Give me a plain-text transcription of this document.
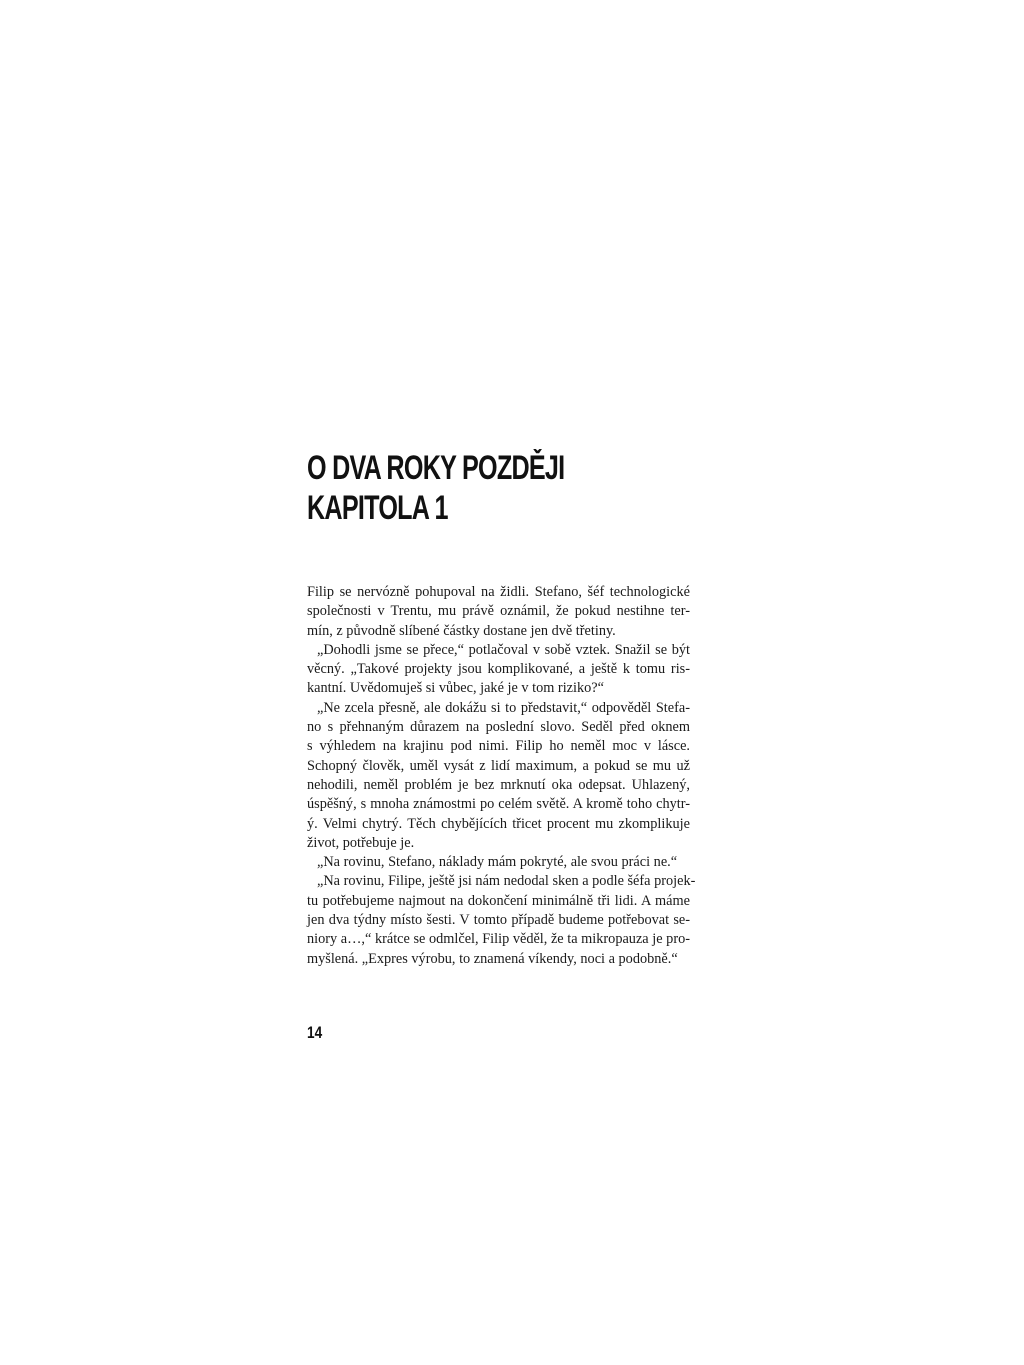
O DVA ROKY POZDĚJI
KAPITOLA 1
Filip se nervózně pohupoval na židli. Stefano, šéf technologické
společnosti v Trentu, mu právě oznámil, že pokud nestihne ter-
mín, z původně slíbené částky dostane jen dvě třetiny.
„Dohodli jsme se přece,“ potlačoval v sobě vztek. Snažil se být
věcný. „Takové projekty jsou komplikované, a ještě k tomu ris-
kantní. Uvědomuješ si vůbec, jaké je v tom riziko?“
„Ne zcela přesně, ale dokážu si to představit,“ odpověděl Stefa-
no s přehnaným důrazem na poslední slovo. Seděl před oknem
s výhledem na krajinu pod nimi. Filip ho neměl moc v lásce.
Schopný člověk, uměl vysát z lidí maximum, a pokud se mu už
nehodili, neměl problém je bez mrknutí oka odepsat. Uhlazený,
úspěšný, s mnoha známostmi po celém světě. A kromě toho chytr-
ý. Velmi chytrý. Těch chybějících třicet procent mu zkomplikuje
život, potřebuje je.
„Na rovinu, Stefano, náklady mám pokryté, ale svou práci ne.“
„Na rovinu, Filipe, ještě jsi nám nedodal sken a podle šéfa projek-
tu potřebujeme najmout na dokončení minimálně tři lidi. A máme
jen dva týdny místo šesti. V tomto případě budeme potřebovat se-
niory a…,“ krátce se odmlčel, Filip věděl, že ta mikropauza je pro-
myšlená. „Expres výrobu, to znamená víkendy, noci a podobně.“
14
